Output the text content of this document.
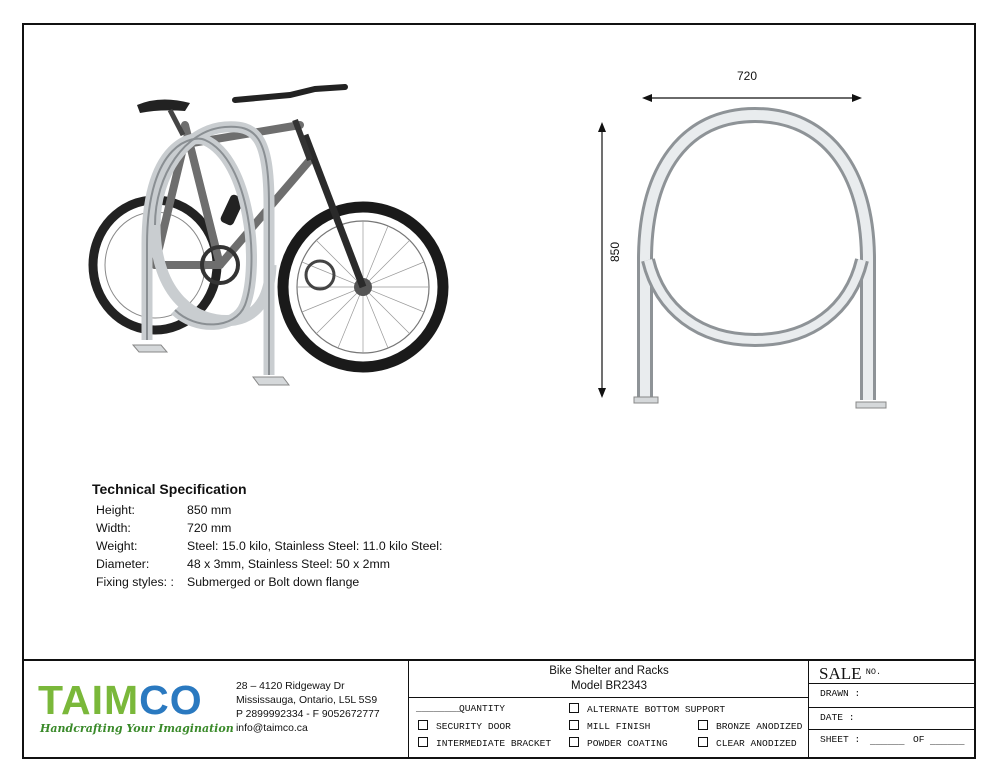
720
850
Technical Specification
Height:	850 mm
Width:	720 mm
Weight:	Steel: 15.0 kilo, Stainless Steel: 11.0 kilo Steel:
Diameter:	48 x 3mm, Stainless Steel: 50 x 2mm
Fixing styles: : Submerged or Bolt down flange
TAIMCO
Handcrafting Your Imagination
28 – 4120 Ridgeway Dr
Mississauga, Ontario, L5L 5S9
P 2899992334 - F 9052672777
info@taimco.ca
Bike Shelter and Racks
Model BR2343
________
QUANTITY
SECURITY DOOR
INTERMEDIATE BRACKET
ALTERNATE BOTTOM SUPPORT
MILL FINISH
POWDER COATING
BRONZE ANODIZED
CLEAR ANODIZED
SALE $^{NO.}$
DRAWN :
DATE :
SHEET : ______ OF ______
